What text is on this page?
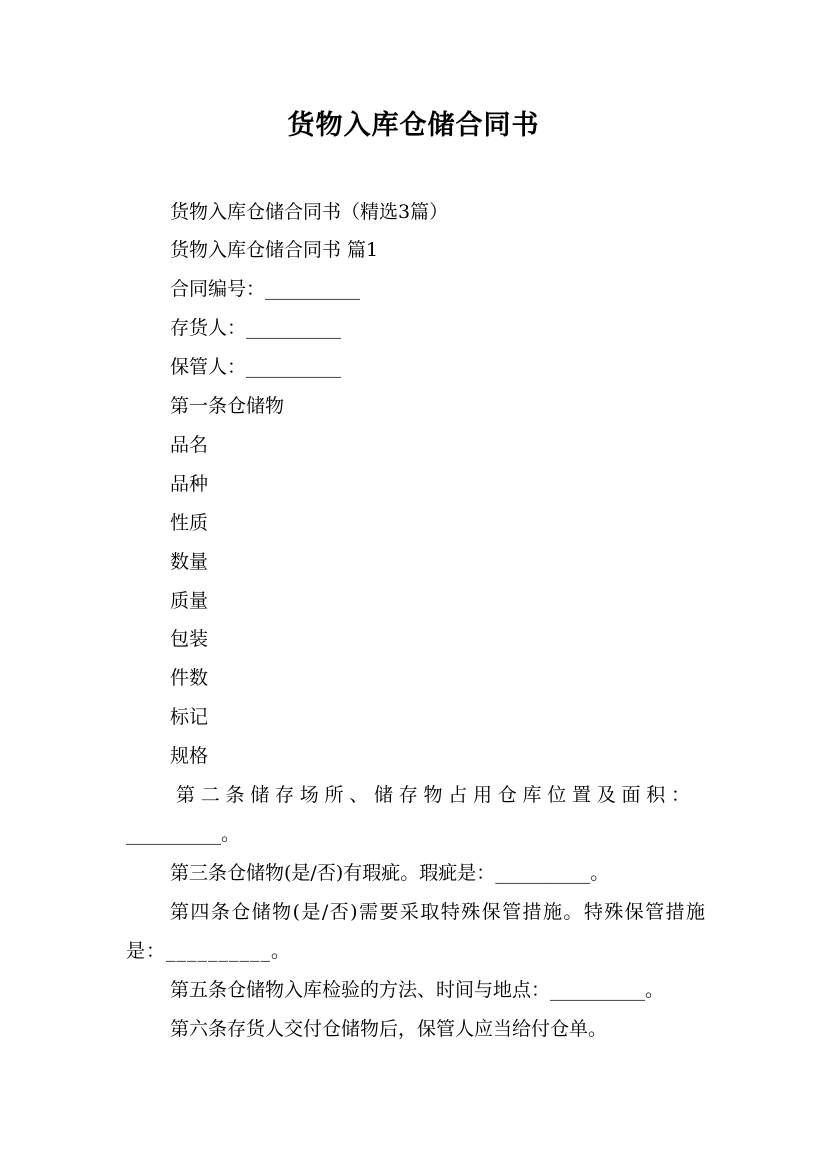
货物入库仓储合同书
货物入库仓储合同书（精选3篇）
货物入库仓储合同书 篇1
合同编号：__________
存货人：__________
保管人：__________
第一条仓储物
品名
品种
性质
数量
质量
包装
件数
标记
规格
第二条储存场所、储存物占用仓库位置及面积：
__________。
第三条仓储物(是/否)有瑕疵。瑕疵是：__________。
第四条仓储物(是/否)需要采取特殊保管措施。特殊保管措施是：__________。
第五条仓储物入库检验的方法、时间与地点：__________。
第六条存货人交付仓储物后，保管人应当给付仓单。
